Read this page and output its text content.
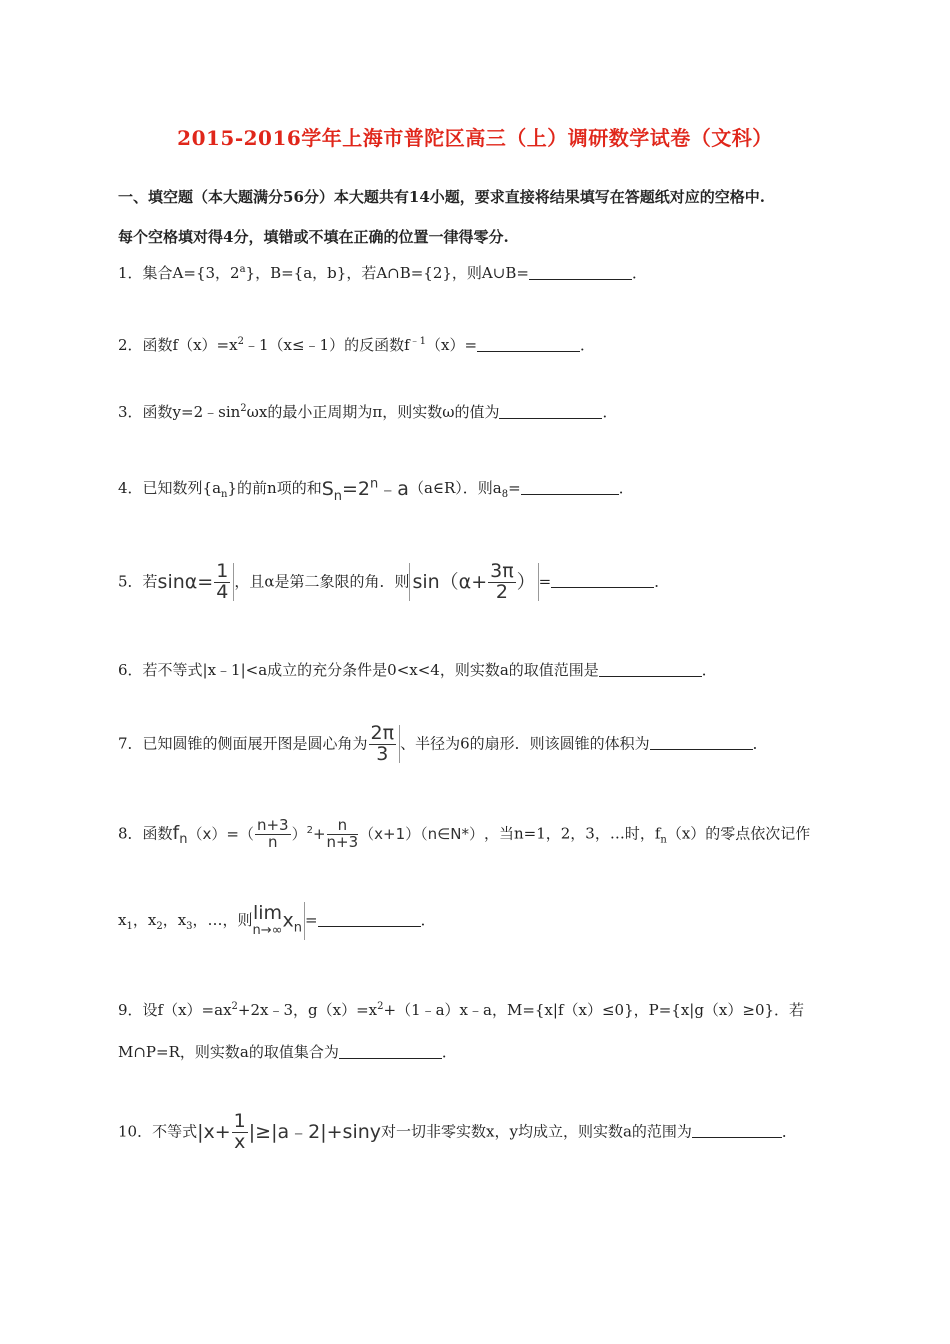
2015-2016学年上海市普陀区高三（上）调研数学试卷（文科）
一、填空题（本大题满分56分）本大题共有14小题，要求直接将结果填写在答题纸对应的空格中.
每个空格填对得4分，填错或不填在正确的位置一律得零分.
1．集合A={3，2$^a$}，B={a，b}，若A∩B={2}，则A∪B=	．
2．函数$f(x)=x^2﹣1(x\le﹣1)$的反函数$f^{﹣1}(x)=$	．
3．函数$y=2﹣\sin^2\omega x$的最小正周期为π，则实数ω的值为	．
4．已知数列$\{a_n\}$的前n项的和$S_n=2^n﹣a(a\in R)$．则$a_8=$	．
5．若$\sin\alpha= \frac{1}{4}$ ，且α是第二象限的角．则 $\sin(\alpha+ \frac{3\pi}{2}$ ） =	．
6．若不等式|x﹣1|<a成立的充分条件是0<x<4，则实数a的取值范围是	．
7．已知圆锥的侧面展开图是圆心角为 $\frac{2\pi}{3}$ 、半径为6的扇形．则该圆锥的体积为	．
8．函数$f_n(x)=( \frac{n+3}{n} )^2+ \frac{n}{n+3}$ （x+1）（n∈N*），当n=1，2，3，…时，$f_n(x)$的零点依次记作
$x_1$，$x_2$，$x_3$，…，则 lim
n→∞ $x_n$ =	．
9．设$f(x)=ax^2+2x﹣3$，$g(x)=x^2+(1﹣a)x﹣a$，M={x|f（x）≤0}，P={x|g（x）≥0}．若
M∩P=R，则实数a的取值集合为	．
10．不等式$|x+ \frac{1}{x}$ |≥|a﹣2|+siny对一切非零实数x，y均成立，则实数a的范围为	．
